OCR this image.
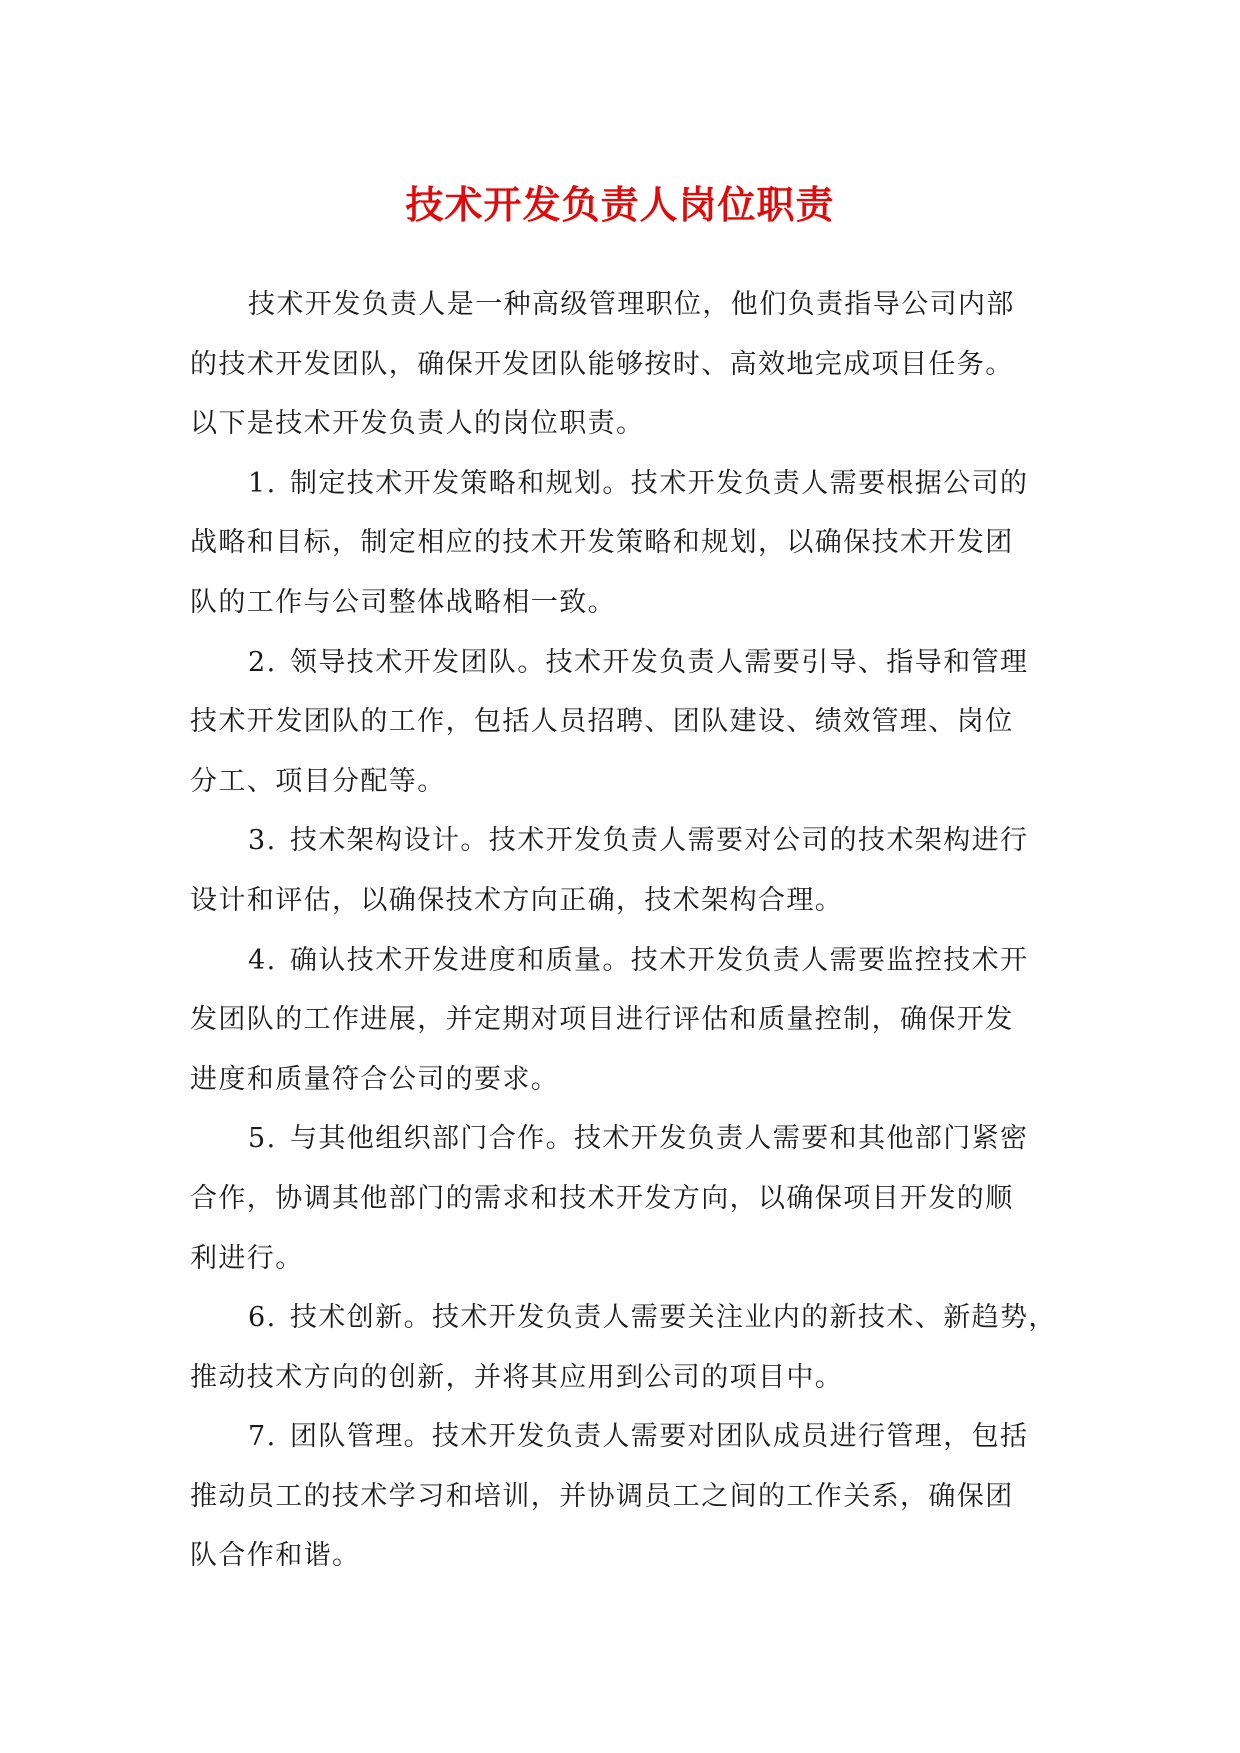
技术开发负责人岗位职责
技术开发负责人是一种高级管理职位，他们负责指导公司内部
的技术开发团队，确保开发团队能够按时、高效地完成项目任务。
以下是技术开发负责人的岗位职责。
1. 制定技术开发策略和规划。技术开发负责人需要根据公司的
战略和目标，制定相应的技术开发策略和规划，以确保技术开发团
队的工作与公司整体战略相一致。
2. 领导技术开发团队。技术开发负责人需要引导、指导和管理
技术开发团队的工作，包括人员招聘、团队建设、绩效管理、岗位
分工、项目分配等。
3. 技术架构设计。技术开发负责人需要对公司的技术架构进行
设计和评估，以确保技术方向正确，技术架构合理。
4. 确认技术开发进度和质量。技术开发负责人需要监控技术开
发团队的工作进展，并定期对项目进行评估和质量控制，确保开发
进度和质量符合公司的要求。
5. 与其他组织部门合作。技术开发负责人需要和其他部门紧密
合作，协调其他部门的需求和技术开发方向，以确保项目开发的顺
利进行。
6. 技术创新。技术开发负责人需要关注业内的新技术、新趋势，
推动技术方向的创新，并将其应用到公司的项目中。
7. 团队管理。技术开发负责人需要对团队成员进行管理，包括
推动员工的技术学习和培训，并协调员工之间的工作关系，确保团
队合作和谐。
